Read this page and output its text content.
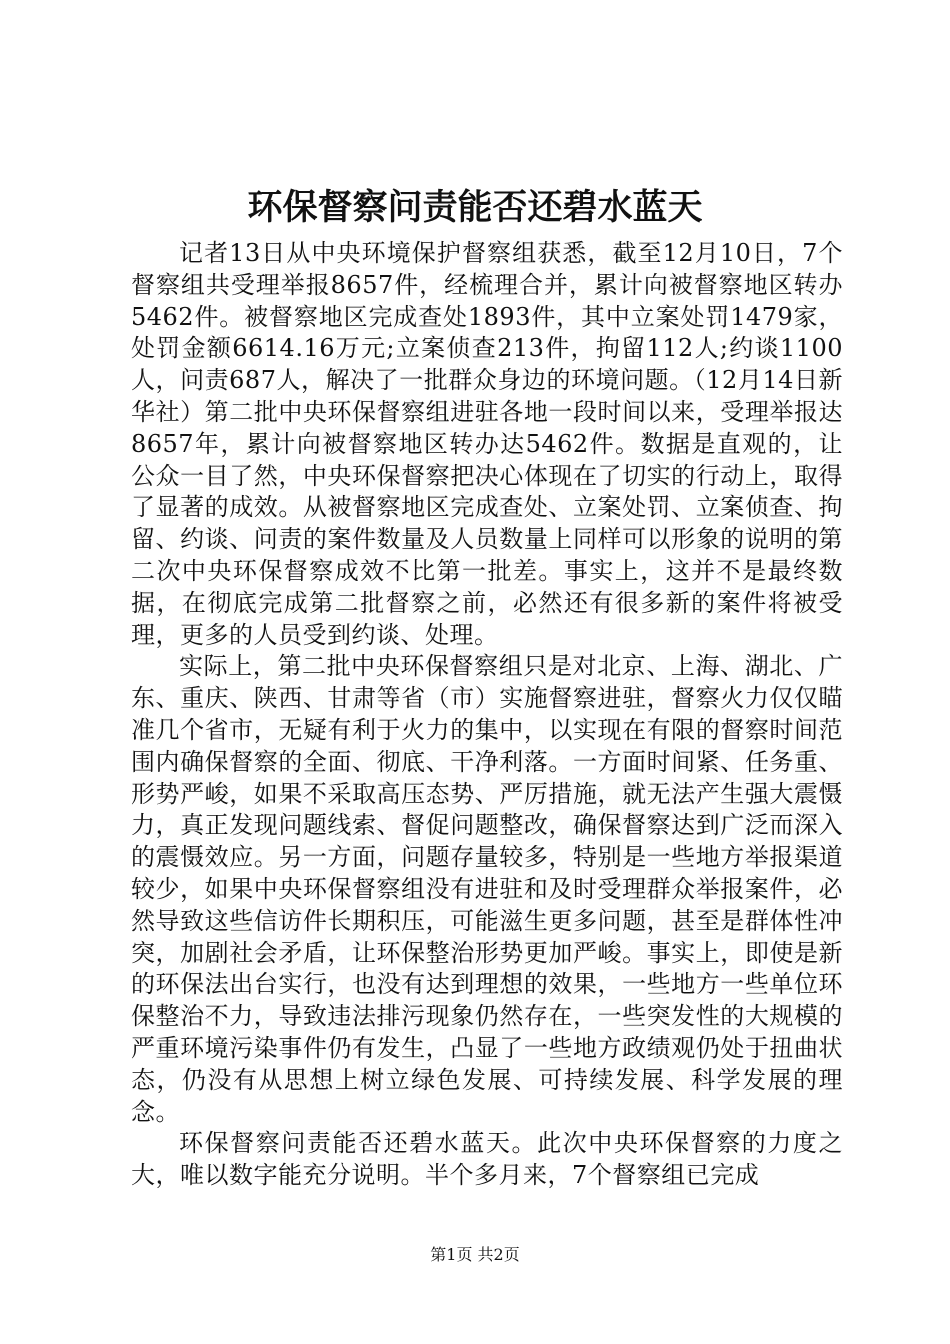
环保督察问责能否还碧水蓝天

记者13日从中央环境保护督察组获悉，截至12月10日，7个督察组共受理举报8657件，经梳理合并，累计向被督察地区转办5462件。被督察地区完成查处1893件，其中立案处罚1479家，处罚金额6614.16万元;立案侦查213件，拘留112人;约谈1100人，问责687人，解决了一批群众身边的环境问题。（12月14日新华社）第二批中央环保督察组进驻各地一段时间以来，受理举报达8657年，累计向被督察地区转办达5462件。数据是直观的，让公众一目了然，中央环保督察把决心体现在了切实的行动上，取得了显著的成效。从被督察地区完成查处、立案处罚、立案侦查、拘留、约谈、问责的案件数量及人员数量上同样可以形象的说明的第二次中央环保督察成效不比第一批差。事实上，这并不是最终数据，在彻底完成第二批督察之前，必然还有很多新的案件将被受理，更多的人员受到约谈、处理。

实际上，第二批中央环保督察组只是对北京、上海、湖北、广东、重庆、陕西、甘肃等省（市）实施督察进驻，督察火力仅仅瞄准几个省市，无疑有利于火力的集中，以实现在有限的督察时间范围内确保督察的全面、彻底、干净利落。一方面时间紧、任务重、形势严峻，如果不采取高压态势、严厉措施，就无法产生强大震慑力，真正发现问题线索、督促问题整改，确保督察达到广泛而深入的震慑效应。另一方面，问题存量较多，特别是一些地方举报渠道较少，如果中央环保督察组没有进驻和及时受理群众举报案件，必然导致这些信访件长期积压，可能滋生更多问题，甚至是群体性冲突，加剧社会矛盾，让环保整治形势更加严峻。事实上，即使是新的环保法出台实行，也没有达到理想的效果，一些地方一些单位环保整治不力，导致违法排污现象仍然存在，一些突发性的大规模的严重环境污染事件仍有发生，凸显了一些地方政绩观仍处于扭曲状态，仍没有从思想上树立绿色发展、可持续发展、科学发展的理念。

环保督察问责能否还碧水蓝天。此次中央环保督察的力度之大，唯以数字能充分说明。半个多月来，7个督察组已完成

第1页 共2页
